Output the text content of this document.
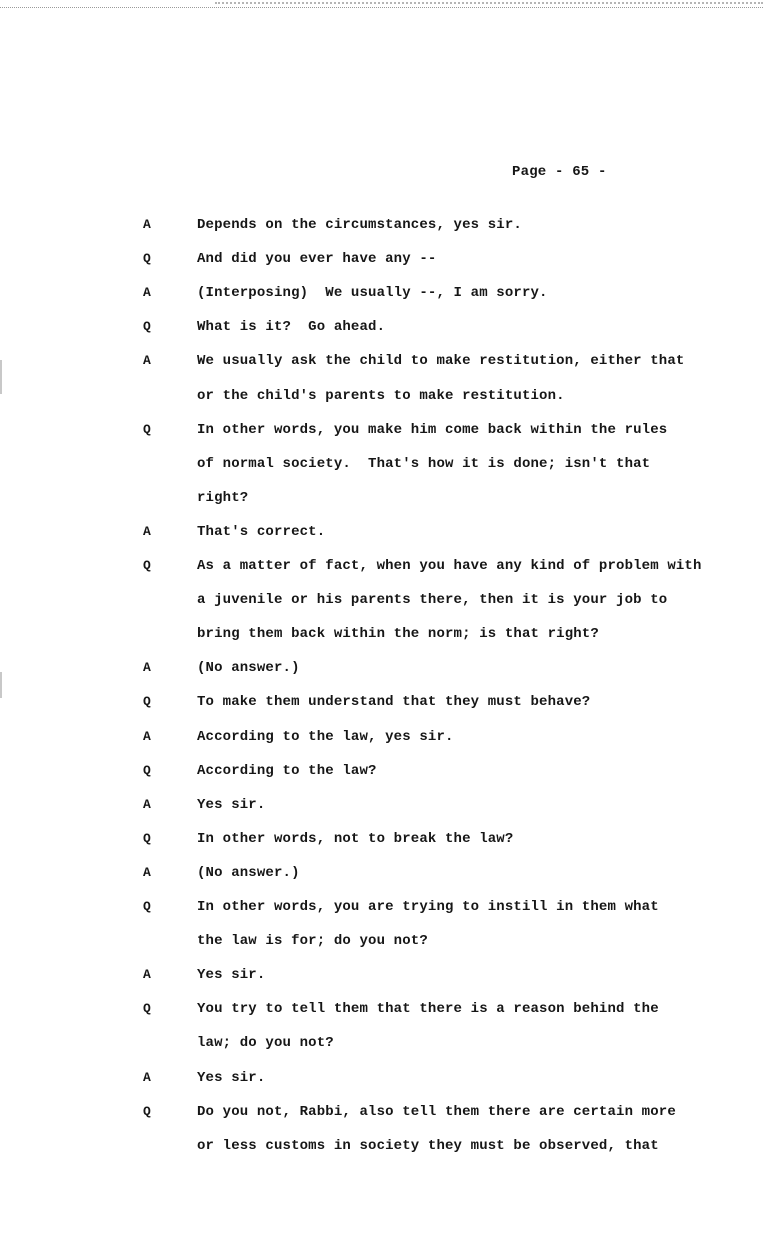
Page - 65 -
A	Depends on the circumstances, yes sir.
Q	And did you ever have any --
A	(Interposing)  We usually --, I am sorry.
Q	What is it?  Go ahead.
A	We usually ask the child to make restitution, either that
or the child's parents to make restitution.
Q	In other words, you make him come back within the rules
of normal society.  That's how it is done; isn't that
right?
A	That's correct.
Q	As a matter of fact, when you have any kind of problem with
a juvenile or his parents there, then it is your job to
bring them back within the norm; is that right?
A	(No answer.)
Q	To make them understand that they must behave?
A	According to the law, yes sir.
Q	According to the law?
A	Yes sir.
Q	In other words, not to break the law?
A	(No answer.)
Q	In other words, you are trying to instill in them what
the law is for; do you not?
A	Yes sir.
Q	You try to tell them that there is a reason behind the
law; do you not?
A	Yes sir.
Q	Do you not, Rabbi, also tell them there are certain more
or less customs in society they must be observed, that
